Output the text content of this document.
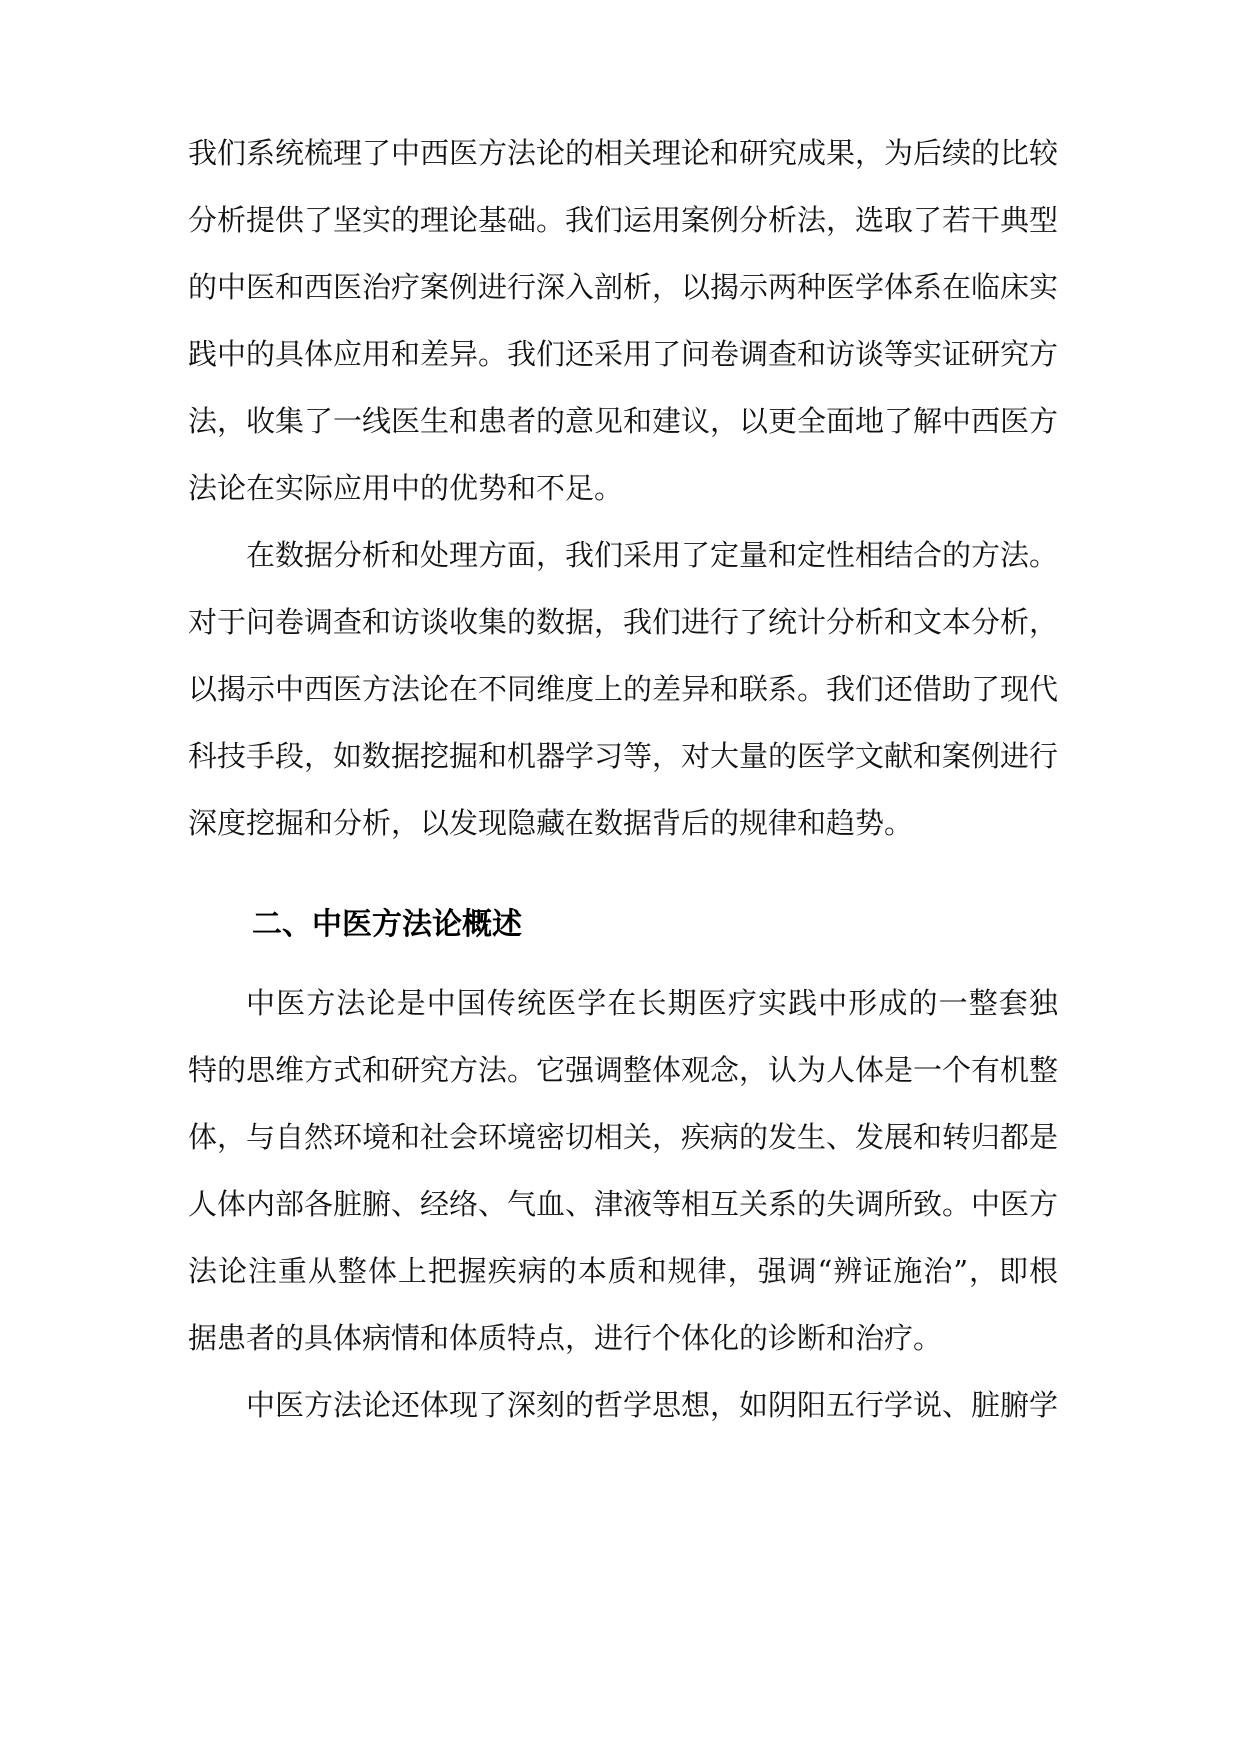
我们系统梳理了中西医方法论的相关理论和研究成果，为后续的比较
分析提供了坚实的理论基础。我们运用案例分析法，选取了若干典型
的中医和西医治疗案例进行深入剖析，以揭示两种医学体系在临床实
践中的具体应用和差异。我们还采用了问卷调查和访谈等实证研究方
法，收集了一线医生和患者的意见和建议，以更全面地了解中西医方
法论在实际应用中的优势和不足。
在数据分析和处理方面，我们采用了定量和定性相结合的方法。
对于问卷调查和访谈收集的数据，我们进行了统计分析和文本分析，
以揭示中西医方法论在不同维度上的差异和联系。我们还借助了现代
科技手段，如数据挖掘和机器学习等，对大量的医学文献和案例进行
深度挖掘和分析，以发现隐藏在数据背后的规律和趋势。
二、中医方法论概述
中医方法论是中国传统医学在长期医疗实践中形成的一整套独
特的思维方式和研究方法。它强调整体观念，认为人体是一个有机整
体，与自然环境和社会环境密切相关，疾病的发生、发展和转归都是
人体内部各脏腑、经络、气血、津液等相互关系的失调所致。中医方
法论注重从整体上把握疾病的本质和规律，强调“辨证施治”，即根
据患者的具体病情和体质特点，进行个体化的诊断和治疗。
中医方法论还体现了深刻的哲学思想，如阴阳五行学说、脏腑学
